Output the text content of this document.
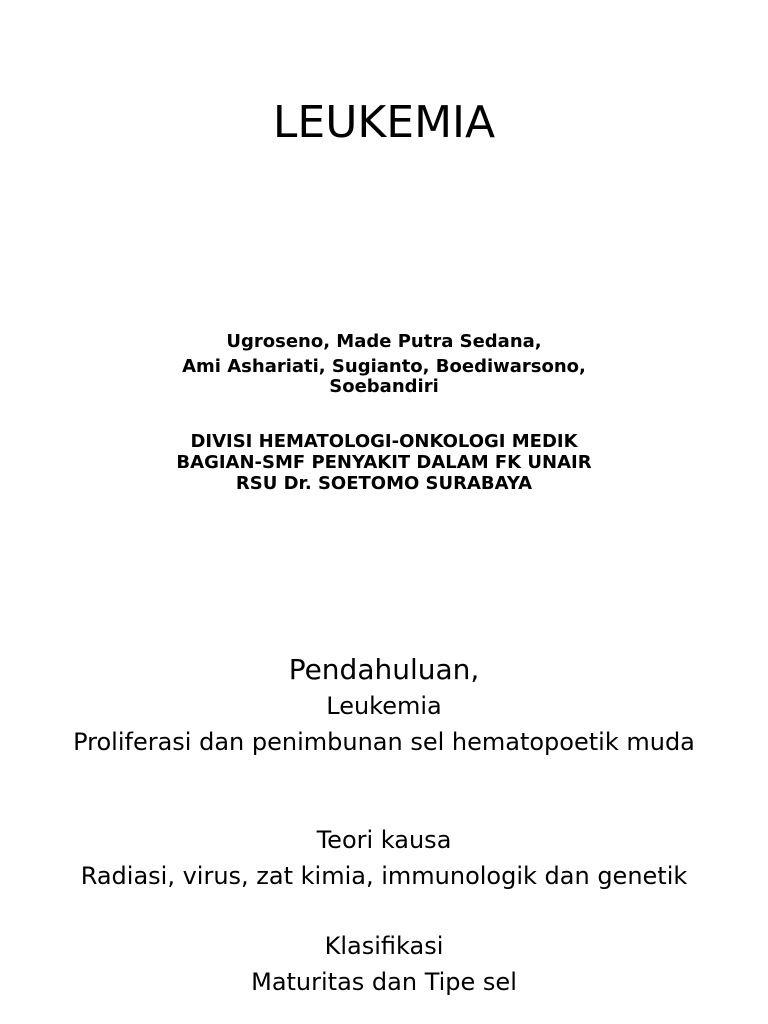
LEUKEMIA
Ugroseno, Made Putra Sedana,
Ami Ashariati, Sugianto, Boediwarsono,
Soebandiri
DIVISI HEMATOLOGI-ONKOLOGI MEDIK
BAGIAN-SMF PENYAKIT DALAM FK UNAIR
RSU Dr. SOETOMO SURABAYA
Pendahuluan,
Leukemia
Proliferasi dan penimbunan sel hematopoetik muda
Teori kausa
Radiasi, virus, zat kimia, immunologik dan genetik
Klasifikasi
Maturitas dan Tipe sel
